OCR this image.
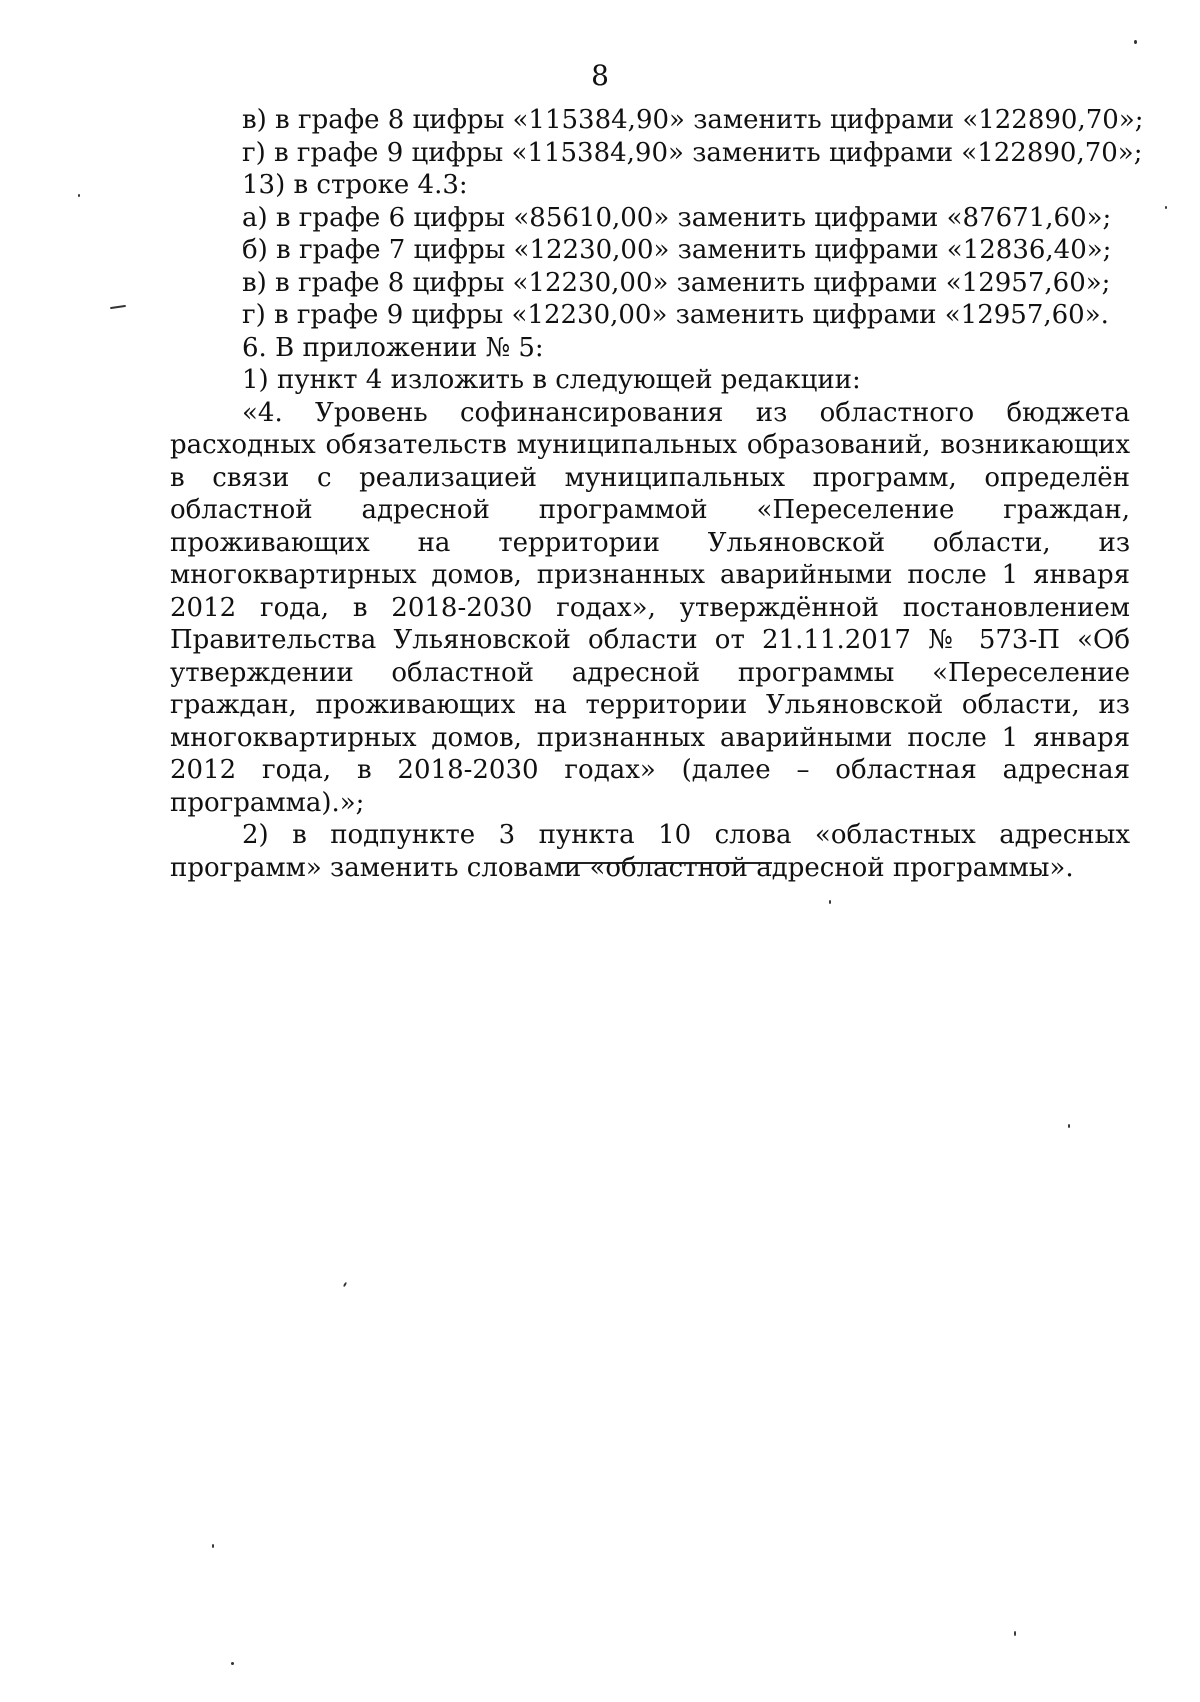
8

в) в графе 8 цифры «115384,90» заменить цифрами «122890,70»;

г) в графе 9 цифры «115384,90» заменить цифрами «122890,70»;

13) в строке 4.3:

а) в графе 6 цифры «85610,00» заменить цифрами «87671,60»;

б) в графе 7 цифры «12230,00» заменить цифрами «12836,40»;

в) в графе 8 цифры «12230,00» заменить цифрами «12957,60»;

г) в графе 9 цифры «12230,00» заменить цифрами «12957,60».

6. В приложении № 5:

1) пункт 4 изложить в следующей редакции:

«4. Уровень софинансирования из областного бюджета расходных обязательств муниципальных образований, возникающих в связи с реализацией муниципальных программ, определён областной адресной программой «Переселение граждан, проживающих на территории Ульяновской области, из многоквартирных домов, признанных аварийными после 1 января 2012 года, в 2018-2030 годах», утверждённой постановлением Правительства Ульяновской области от 21.11.2017 № 573-П «Об утверждении областной адресной программы «Переселение граждан, проживающих на территории Ульяновской области, из многоквартирных домов, признанных аварийными после 1 января 2012 года, в 2018-2030 годах» (далее – областная адресная программа).»;

2) в подпункте 3 пункта 10 слова «областных адресных программ» заменить словами «областной адресной программы».
